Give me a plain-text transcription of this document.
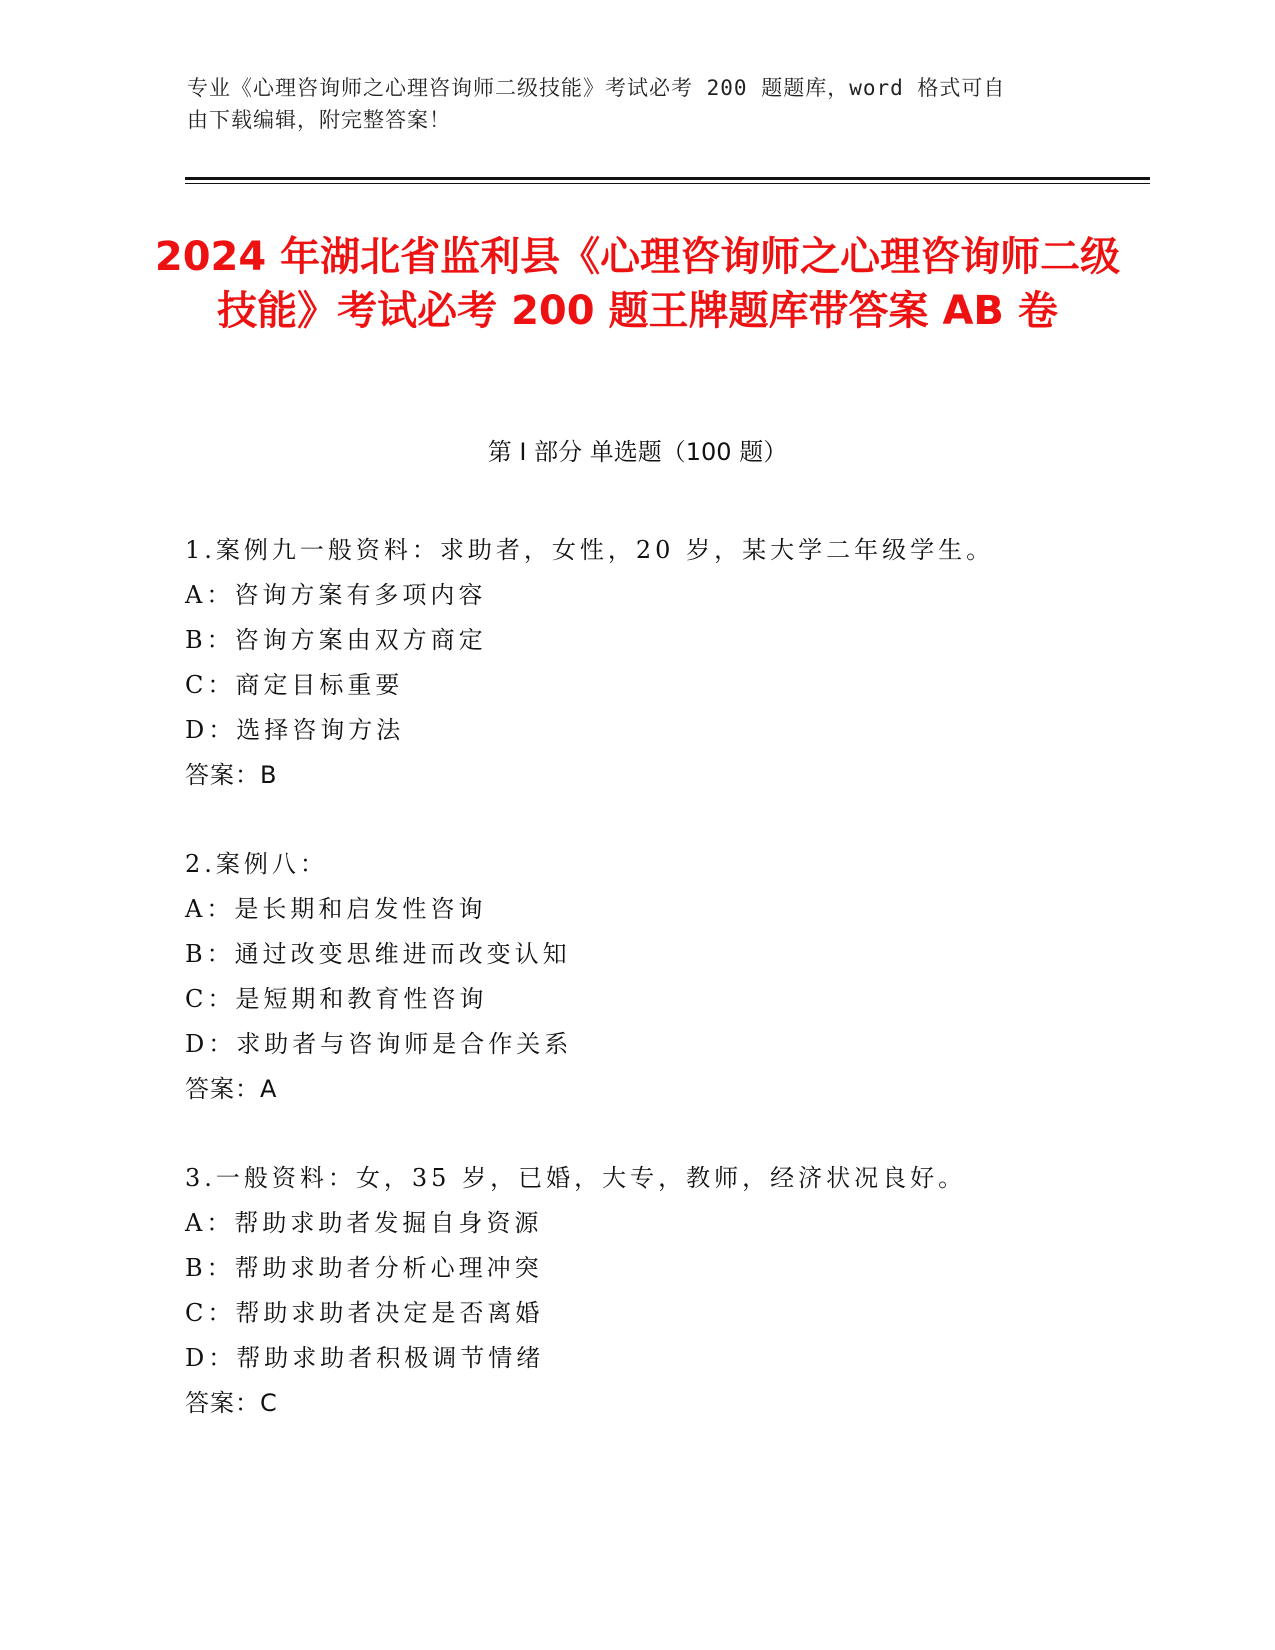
专业《心理咨询师之心理咨询师二级技能》考试必考 200 题题库，word 格式可自
由下载编辑，附完整答案！
2024 年湖北省监利县《心理咨询师之心理咨询师二级技能》考试必考 200 题王牌题库带答案 AB 卷
第 I 部分 单选题（100 题）
1.案例九一般资料：求助者，女性，20 岁，某大学二年级学生。
A：咨询方案有多项内容
B：咨询方案由双方商定
C：商定目标重要
D：选择咨询方法
答案：B
2.案例八：
A：是长期和启发性咨询
B：通过改变思维进而改变认知
C：是短期和教育性咨询
D：求助者与咨询师是合作关系
答案：A
3.一般资料：女，35 岁，已婚，大专，教师，经济状况良好。
A：帮助求助者发掘自身资源
B：帮助求助者分析心理冲突
C：帮助求助者决定是否离婚
D：帮助求助者积极调节情绪
答案：C
